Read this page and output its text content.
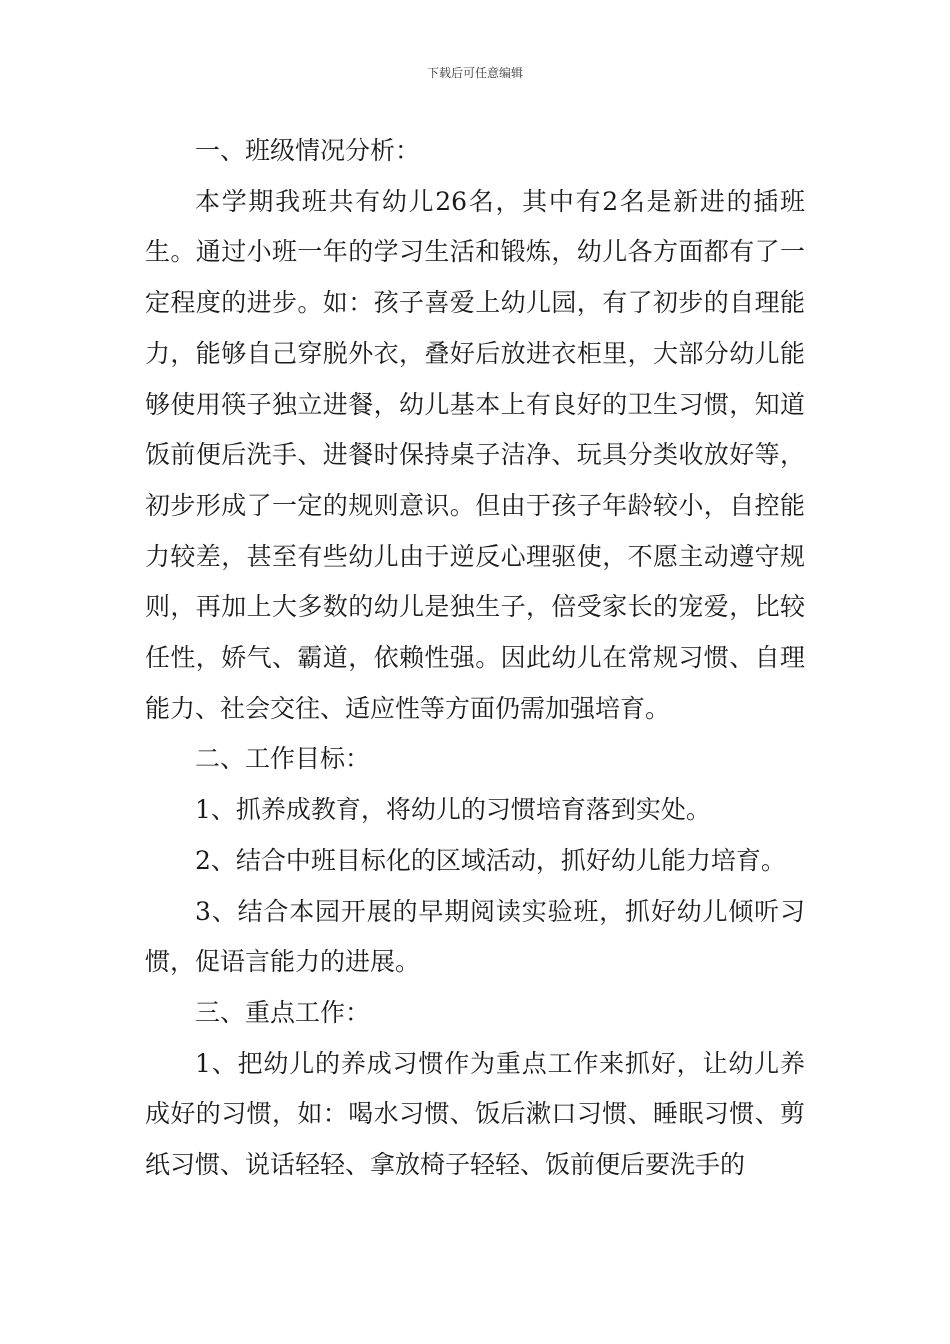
下载后可任意编辑

一、班级情况分析：

本学期我班共有幼儿26名，其中有2名是新进的插班生。通过小班一年的学习生活和锻炼，幼儿各方面都有了一定程度的进步。如：孩子喜爱上幼儿园，有了初步的自理能力，能够自己穿脱外衣，叠好后放进衣柜里，大部分幼儿能够使用筷子独立进餐，幼儿基本上有良好的卫生习惯，知道饭前便后洗手、进餐时保持桌子洁净、玩具分类收放好等，初步形成了一定的规则意识。但由于孩子年龄较小，自控能力较差，甚至有些幼儿由于逆反心理驱使，不愿主动遵守规则，再加上大多数的幼儿是独生子，倍受家长的宠爱，比较任性，娇气、霸道，依赖性强。因此幼儿在常规习惯、自理能力、社会交往、适应性等方面仍需加强培育。

二、工作目标：

1、抓养成教育，将幼儿的习惯培育落到实处。

2、结合中班目标化的区域活动，抓好幼儿能力培育。

3、结合本园开展的早期阅读实验班，抓好幼儿倾听习惯，促语言能力的进展。

三、重点工作：

1、把幼儿的养成习惯作为重点工作来抓好，让幼儿养成好的习惯，如：喝水习惯、饭后漱口习惯、睡眠习惯、剪纸习惯、说话轻轻、拿放椅子轻轻、饭前便后要洗手的
